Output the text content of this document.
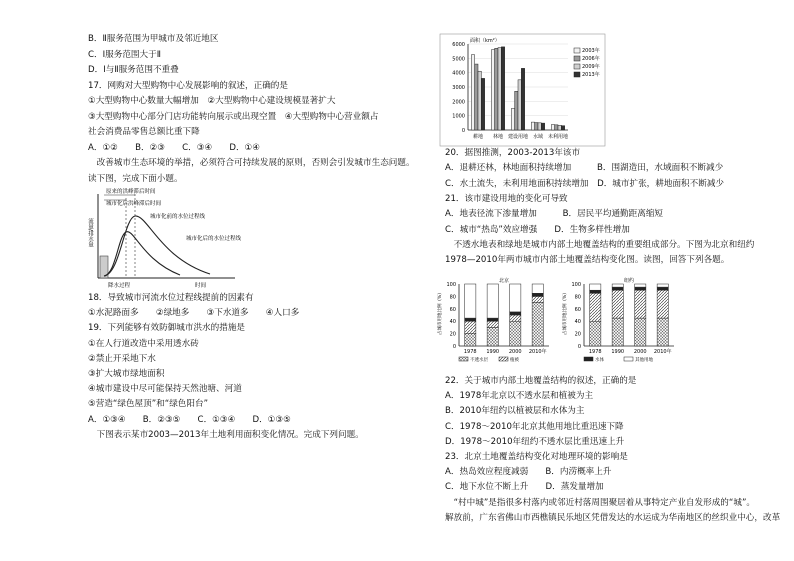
B．Ⅱ服务范围为甲城市及邻近地区
C．Ⅰ服务范围大于Ⅱ
D．Ⅰ与Ⅱ服务范围不重叠
17．网购对大型购物中心发展影响的叙述，正确的是
①大型购物中心数量大幅增加　②大型购物中心建设规模显著扩大
③大型购物中心部分门店功能转向展示或出现空置　④大型购物中心营业额占
社会消费品零售总额比重下降
A．①②　　B．②③　　C．③④　　D．①④
　改善城市生态环境的举措，必须符合可持续发展的原则，否则会引发城市生态问题。
读下图，完成下面小题。
原来的洪峰滞后时间
城市化后洪峰滞后时间
流量/排水量
城市化前的水位过程线
城市化后的水位过程线
降水过程	时间
18．导致城市河流水位过程线提前的因素有
①水泥路面多　　②绿地多　　③下水道多　　④人口多
19．下列能够有效防御城市洪水的措施是
①在人行道改造中采用透水砖
②禁止开采地下水
③扩大城市绿地面积
④城市建设中尽可能保持天然池塘、河道
⑤营造“绿色屋顶”和“绿色阳台”
A．①③④　　B．②③⑤　　C．①③④　　D．①③⑤
　下图表示某市2003—2013年土地利用面积变化情况。完成下列问题。
0
1000
2000
3000
4000
5000
6000
面积（km²）
耕地 林地 建设用地 水域 未利用地
2003年
2006年
2009年
2013年
20．据图推测，2003-2013年该市
A．退耕还林，林地面积持续增加　　　B．围湖造田，水域面积不断减少
C．水土流失，未利用地面积持续增加　D．城市扩张，耕地面积不断减少
21．该市建设用地的变化可导致
A．地表径流下渗量增加　　　B．居民平均通勤距离缩短
C．城市“热岛”效应增强　　D．生物多样性增加
　不透水地表和绿地是城市内部土地覆盖结构的重要组成部分。下图为北京和纽约
1978—2010年两市城市内部土地覆盖结构变化图。读图，回答下列各题。
北京
0
20
40
60
80
100
占城市用地比例（%）
1978 1990 2000 2010年
不透水层	植被
纽约
0
20
40
60
80
100
占城市用地比例（%）
1978 1990 2000 2010年
水体	其他用地
22．关于城市内部土地覆盖结构的叙述，正确的是
A．1978年北京以不透水层和植被为主
B．2010年纽约以植被层和水体为主
C．1978～2010年北京其他用地比重迅速下降
D．1978～2010年纽约不透水层比重迅速上升
23．北京土地覆盖结构变化对地理环境的影响是
A．热岛效应程度减弱　　B．内涝概率上升
C．地下水位不断上升　　D．蒸发量增加
　“村中城”是指很多村落内或邻近村落周围聚居着从事特定产业自发形成的“城”。
解放前，广东省佛山市西樵镇民乐地区凭借发达的水运成为华南地区的丝织业中心，改革
